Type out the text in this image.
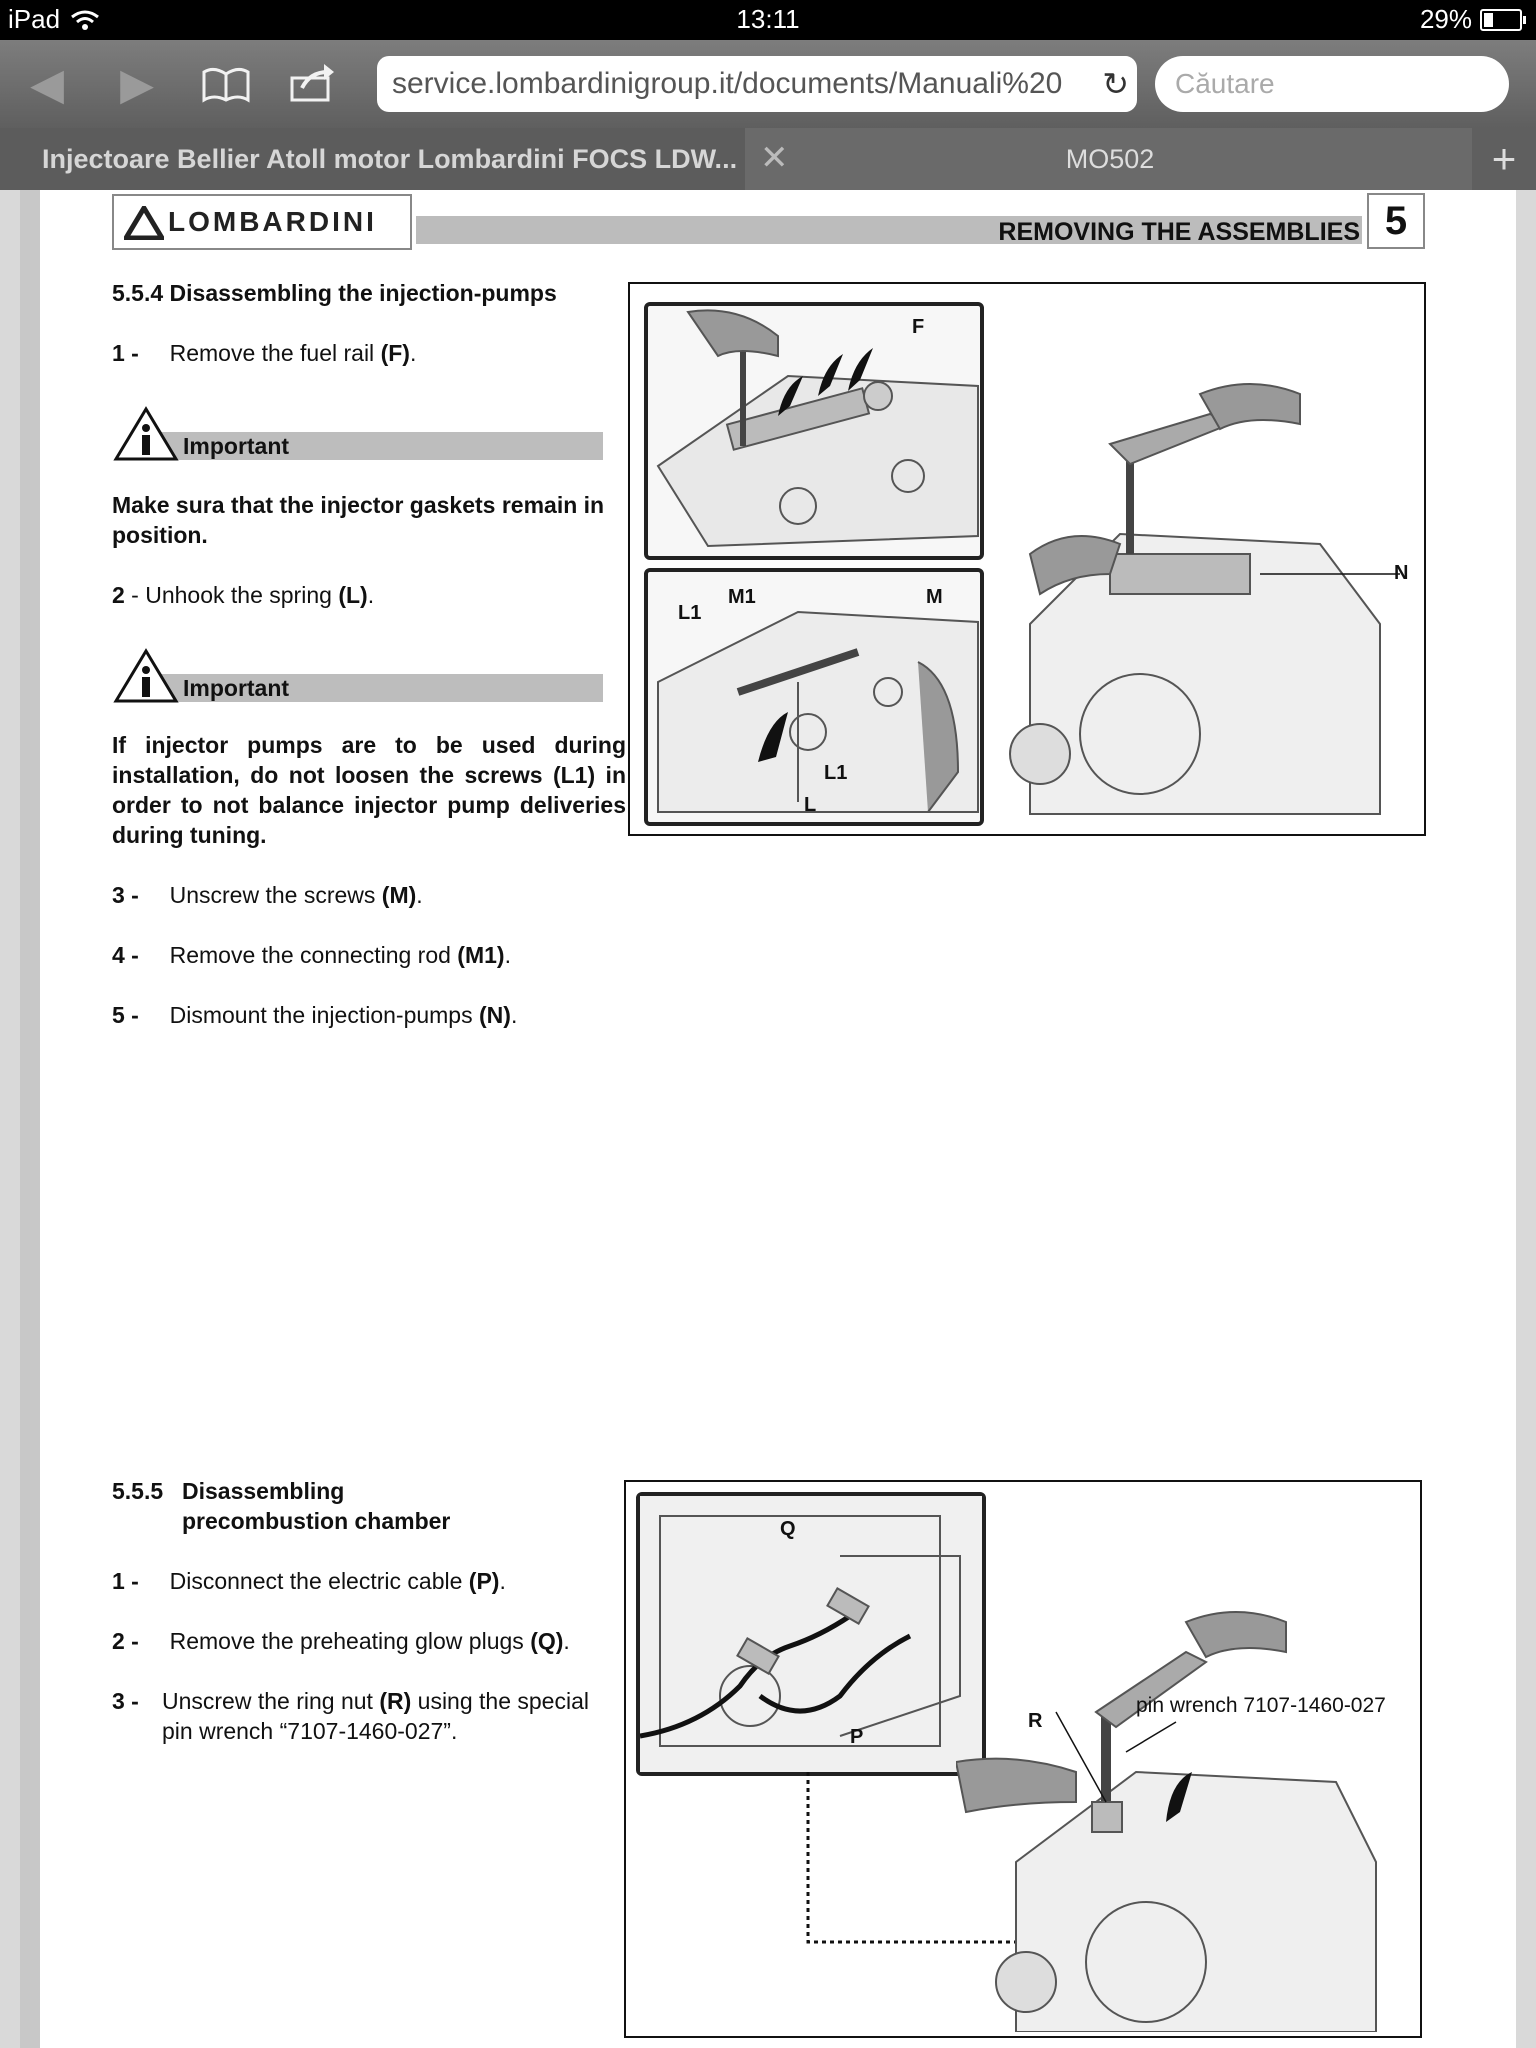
iPad	13:11	29%
◀ ▶	service.lombardinigroup.it/documents/Manuali%20 ↻	Căutare
Injectoare Bellier Atoll motor Lombardini FOCS LDW... ✕	MO502	+
LOMBARDINI	REMOVING THE ASSEMBLIES 5
5.5.4 Disassembling the injection-pumps
1 - Remove the fuel rail (F).
Important
Make sura that the injector gaskets remain in position.
2 - Unhook the spring (L).
Important
If injector pumps are to be used during installation, do not loosen the screws (L1) in order to not balance injector pump deliveries during tuning.
3 - Unscrew the screws (M).
4 - Remove the connecting rod (M1).
5 - Dismount the injection-pumps (N).
F
L1
M1	M
L1
L
N
5.5.5 Disassembling precombustion chamber
1 - Disconnect the electric cable (P).
2 - Remove the preheating glow plugs (Q).
3 - Unscrew the ring nut (R) using the special pin wrench “7107-1460-027”.
Q
P
R
pin wrench 7107-1460-027
